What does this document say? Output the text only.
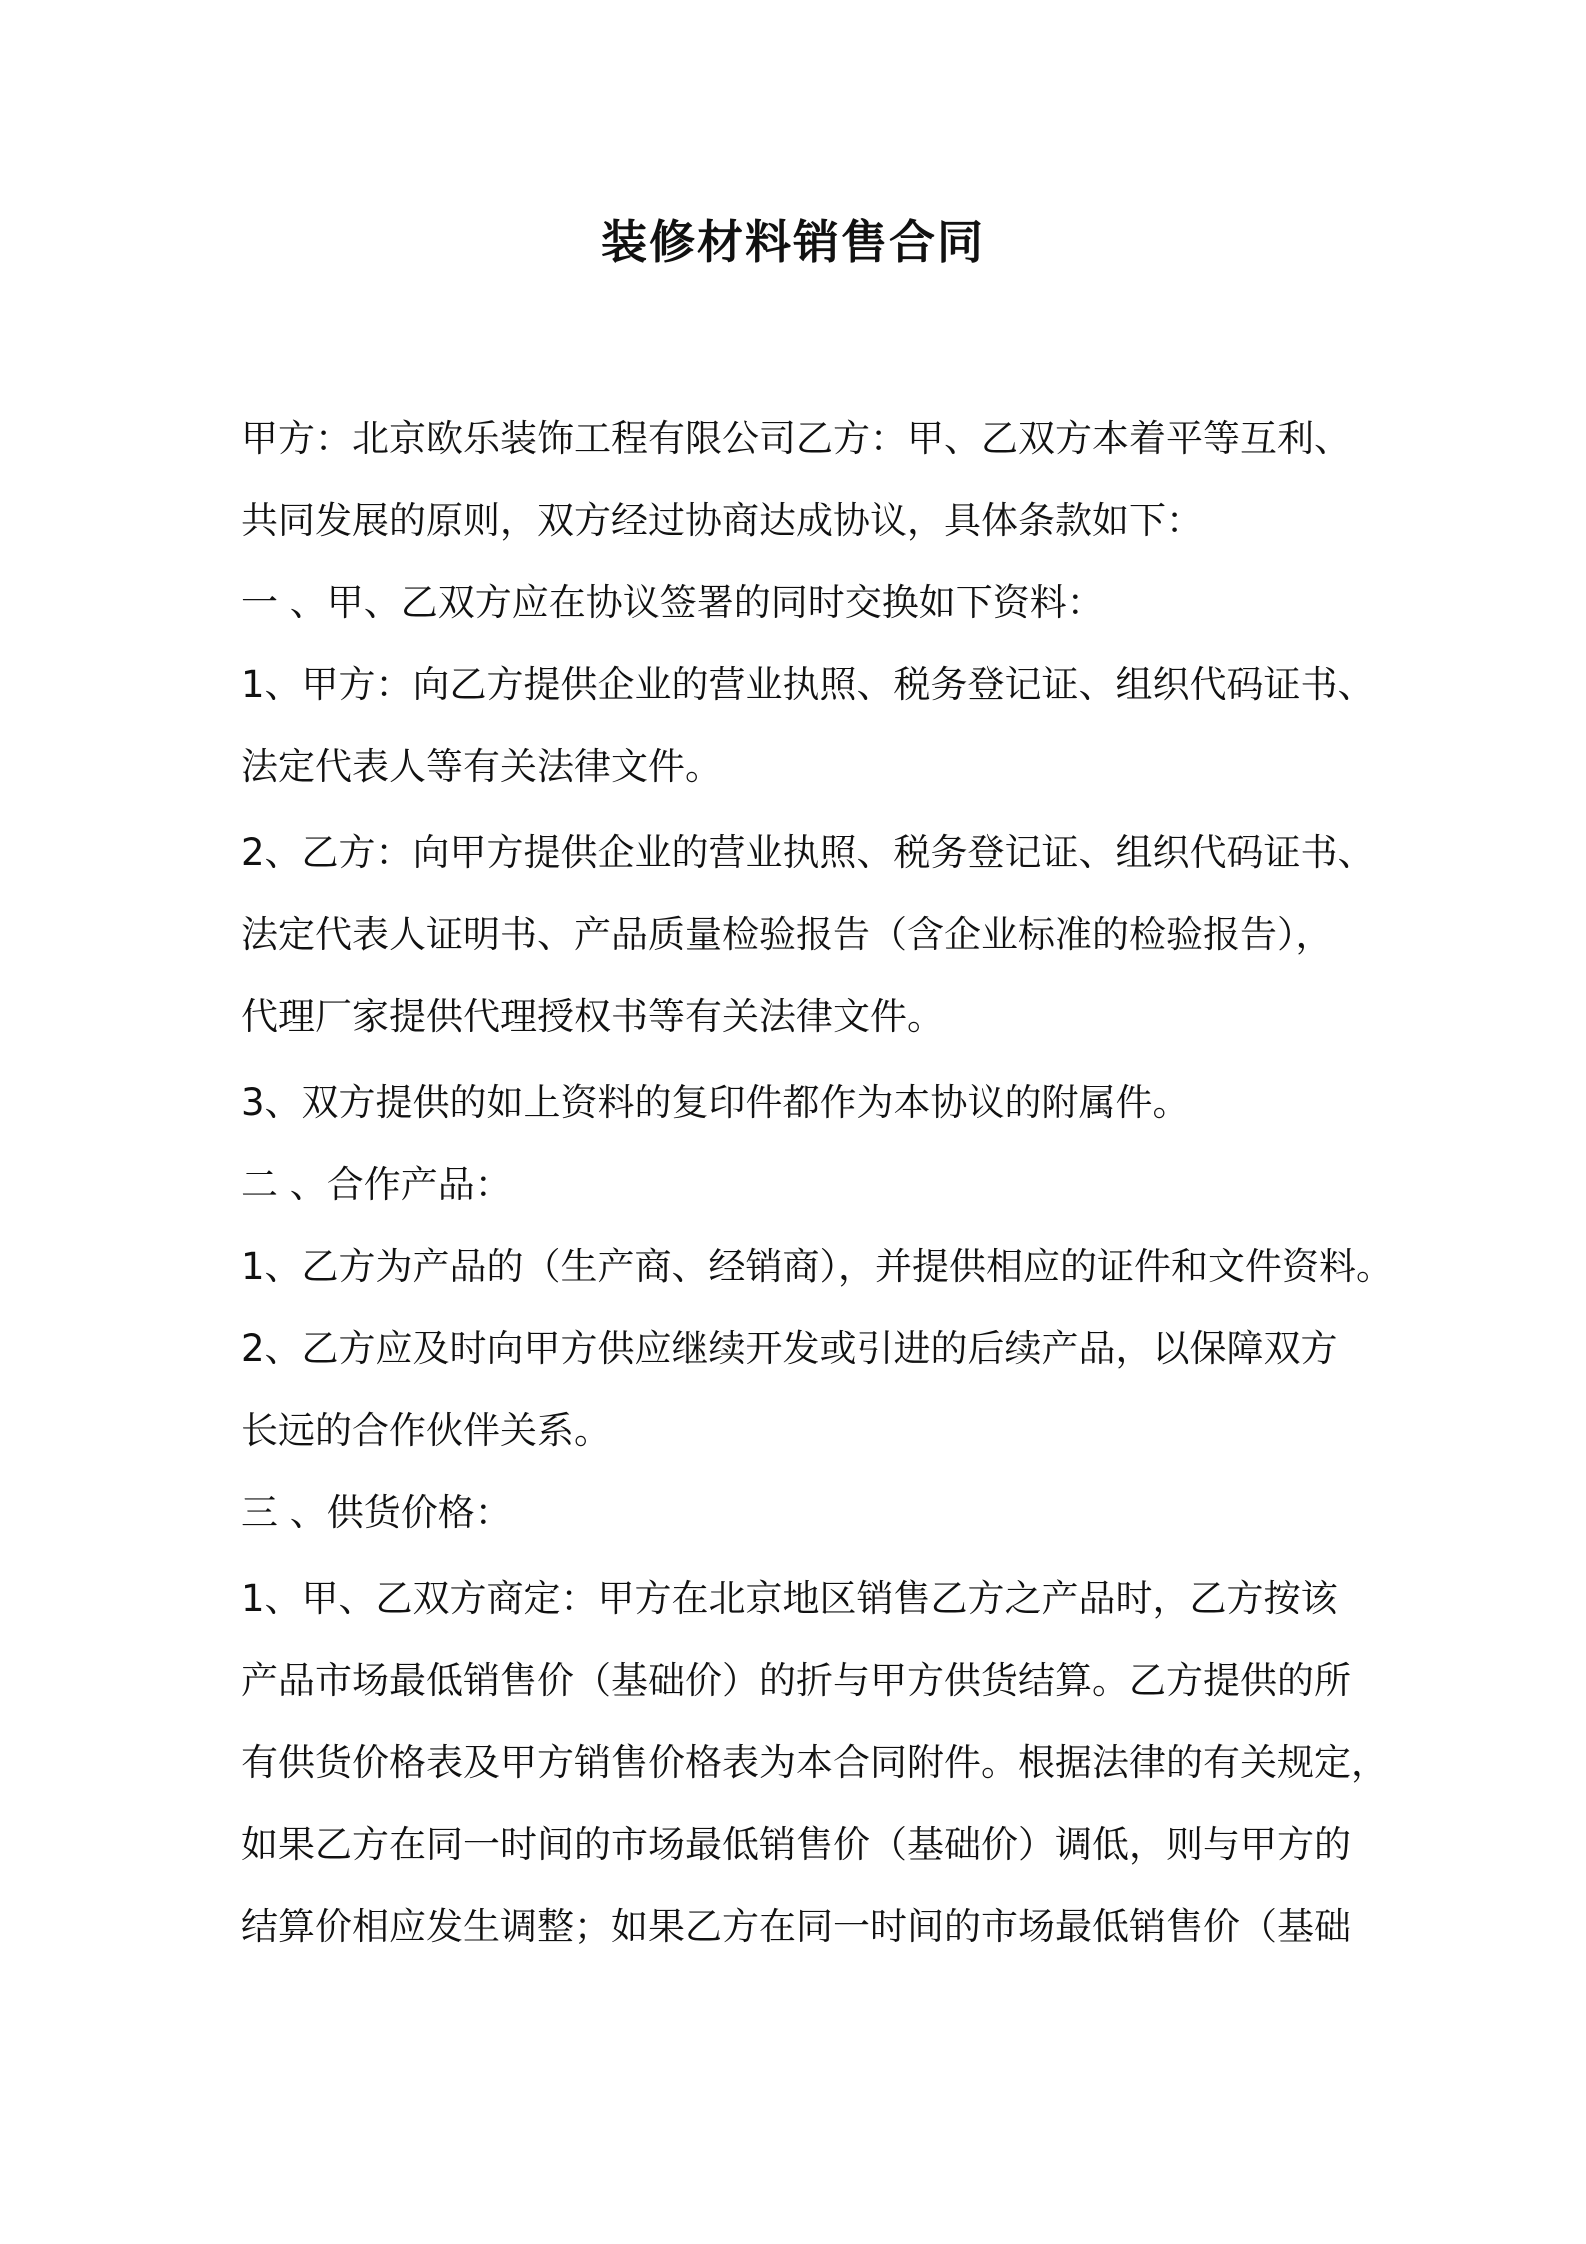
装修材料销售合同
甲方：北京欧乐装饰工程有限公司乙方：甲、乙双方本着平等互利、
共同发展的原则，双方经过协商达成协议，具体条款如下：
一 、甲、乙双方应在协议签署的同时交换如下资料：
1、甲方：向乙方提供企业的营业执照、税务登记证、组织代码证书、
法定代表人等有关法律文件。
2、乙方：向甲方提供企业的营业执照、税务登记证、组织代码证书、
法定代表人证明书、产品质量检验报告（含企业标准的检验报告），
代理厂家提供代理授权书等有关法律文件。
3、双方提供的如上资料的复印件都作为本协议的附属件。
二 、合作产品：
1、乙方为产品的（生产商、经销商），并提供相应的证件和文件资料。
2、乙方应及时向甲方供应继续开发或引进的后续产品，以保障双方
长远的合作伙伴关系。
三 、供货价格：
1、甲、乙双方商定：甲方在北京地区销售乙方之产品时，乙方按该
产品市场最低销售价（基础价）的折与甲方供货结算。乙方提供的所
有供货价格表及甲方销售价格表为本合同附件。根据法律的有关规定，
如果乙方在同一时间的市场最低销售价（基础价）调低，则与甲方的
结算价相应发生调整；如果乙方在同一时间的市场最低销售价（基础
